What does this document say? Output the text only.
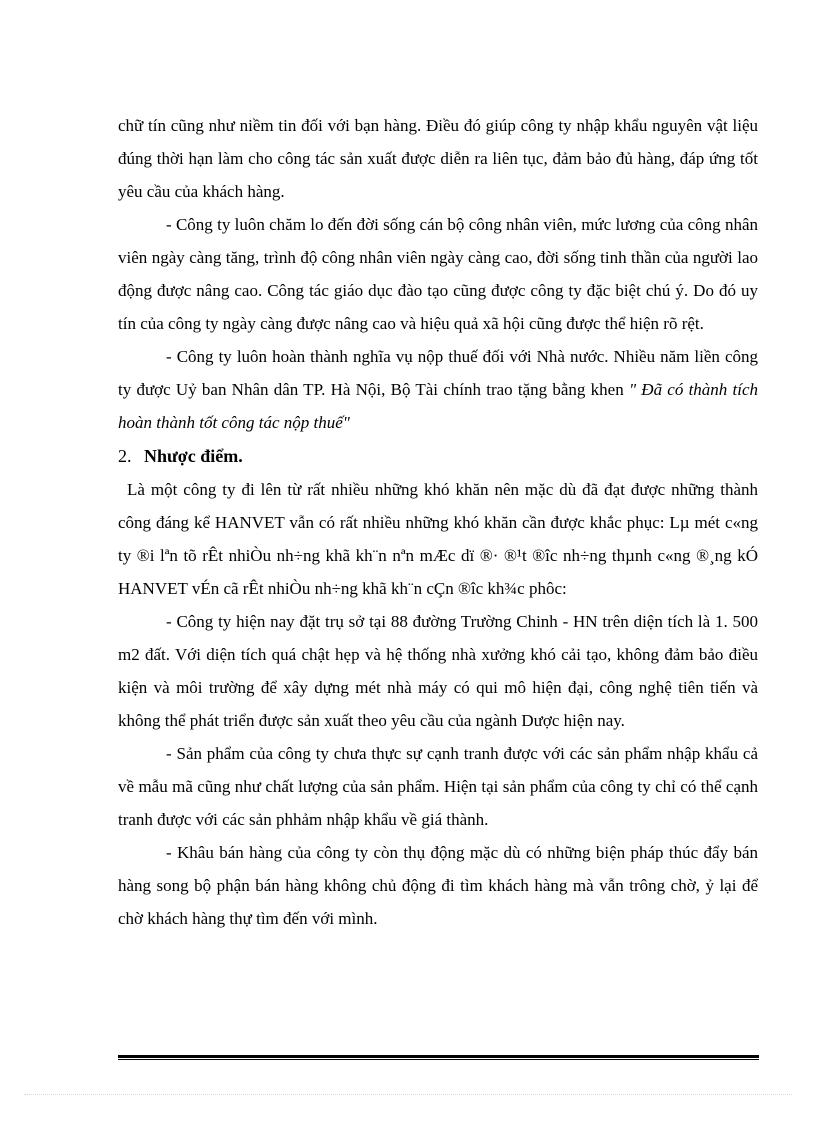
chữ tín cũng như niềm tin đối với bạn hàng. Điều đó giúp công ty nhập khẩu nguyên vật liệu đúng thời hạn làm cho công tác sản xuất được diễn ra liên tục, đảm bảo đủ hàng, đáp ứng tốt yêu cầu của khách hàng.

- Công ty luôn chăm lo đến đời sống cán bộ công nhân viên, mức lương của công nhân viên ngày càng tăng, trình độ công nhân viên ngày càng cao, đời sống tinh thần của người lao động được nâng cao. Công tác giáo dục đào tạo cũng được công ty đặc biệt chú ý. Do đó uy tín của công ty ngày càng được nâng cao và hiệu quả xã hội cũng được thể hiện rõ rệt.

- Công ty luôn hoàn thành nghĩa vụ nộp thuế đối với Nhà nước. Nhiều năm liền công ty được Uỷ ban Nhân dân TP. Hà Nội, Bộ Tài chính trao tặng bằng khen " Đã có thành tích hoàn thành tốt công tác nộp thuế"

2. Nhược điểm.

Là một công ty đi lên từ rất nhiều những khó khăn nên mặc dù đã đạt được những thành công đáng kể HANVET vẫn có rất nhiều những khó khăn cần được khắc phục: Lµ mét c«ng ty ®i lªn tõ rÊt nhiÒu nh÷ng khã kh¨n nªn mÆc dï ®· ®¹t ®îc nh÷ng thµnh c«ng ®¸ng kÓ HANVET vÉn cã rÊt nhiÒu nh÷ng khã kh¨n cÇn ®îc kh¾c phôc:

- Công ty hiện nay đặt trụ sở tại 88 đường Trường Chinh - HN trên diện tích là 1. 500 m2 đất. Với diện tích quá chật hẹp và hệ thống nhà xưởng khó cải tạo, không đảm bảo điều kiện và môi trường để xây dựng mét nhà máy có qui mô hiện đại, công nghệ tiên tiến và không thể phát triển được sản xuất theo yêu cầu của ngành Dược hiện nay.

- Sản phẩm của công ty chưa thực sự cạnh tranh được với các sản phẩm nhập khẩu cả về mẫu mã cũng như chất lượng của sản phẩm. Hiện tại sản phẩm của công ty chỉ có thể cạnh tranh được với các sản phhảm nhập khẩu về giá thành.

- Khâu bán hàng của công ty còn thụ động mặc dù có những biện pháp thúc đẩy bán hàng song bộ phận bán hàng không chủ động đi tìm khách hàng mà vẫn trông chờ, ỷ lại để chờ khách hàng thự tìm đến với mình.
